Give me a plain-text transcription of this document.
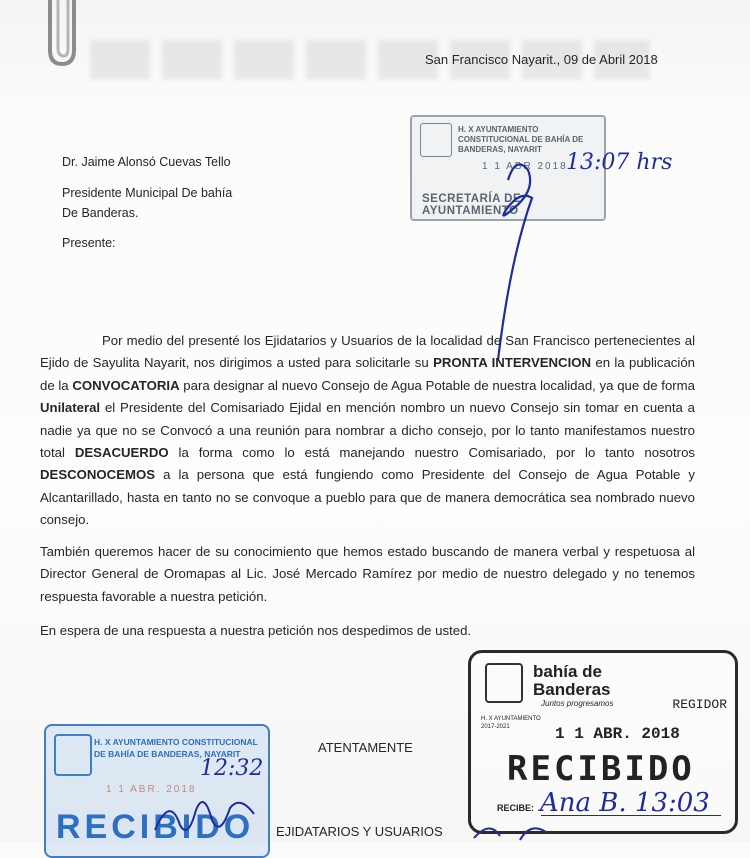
San Francisco Nayarit., 09 de Abril 2018
Dr. Jaime Alonsó Cuevas Tello
Presidente Municipal De bahía
De Banderas.
Presente:
H. X AYUNTAMIENTO CONSTITUCIONAL DE BAHÍA DE BANDERAS, NAYARIT
1 1 ABR 2018
SECRETARÍA DE AYUNTAMIENTO
13:07 hrs
Por medio del presenté los Ejidatarios y Usuarios de la localidad de San Francisco pertenecientes al Ejido de Sayulita Nayarit, nos dirigimos a usted para solicitarle su PRONTA INTERVENCION en la publicación de la CONVOCATORIA para designar al nuevo Consejo de Agua Potable de nuestra localidad, ya que de forma Unilateral el Presidente del Comisariado Ejidal en mención nombro un nuevo Consejo sin tomar en cuenta a nadie ya que no se Convocó a una reunión para nombrar a dicho consejo, por lo tanto manifestamos nuestro total DESACUERDO la forma como lo está manejando nuestro Comisariado, por lo tanto nosotros DESCONOCEMOS a la persona que está fungiendo como Presidente del Consejo de Agua Potable y Alcantarillado, hasta en tanto no se convoque a pueblo para que de manera democrática sea nombrado nuevo consejo.
También queremos hacer de su conocimiento que hemos estado buscando de manera verbal y respetuosa al Director General de Oromapas al Lic. José Mercado Ramírez por medio de nuestro delegado y no tenemos respuesta favorable a nuestra petición.
En espera de una respuesta a nuestra petición nos despedimos de usted.
ATENTAMENTE
EJIDATARIOS Y USUARIOS
bahía de
Banderas
Juntos progresamos
H. X AYUNTAMIENTO 2017-2021
REGIDOR
1 1 ABR. 2018
RECIBIDO
RECIBE: Ana B. 13:03
H. X AYUNTAMIENTO CONSTITUCIONAL DE BAHÍA DE BANDERAS, NAYARIT
1 1 ABR. 2018
RECIBIDO
12:32
